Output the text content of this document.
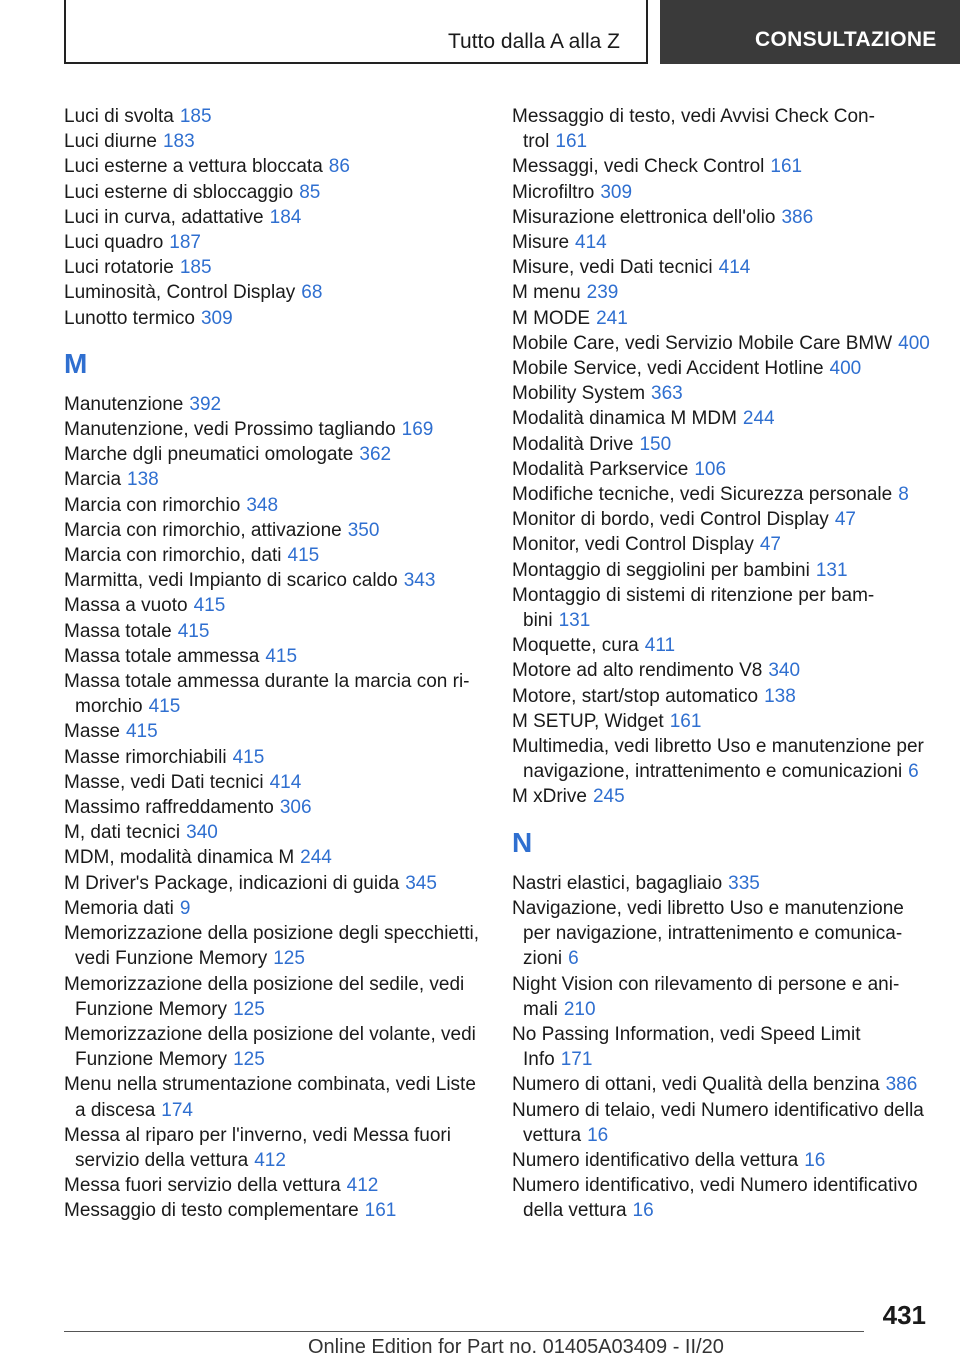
Tutto dalla A alla Z	CONSULTAZIONE
Luci di svolta 185
Luci diurne 183
Luci esterne a vettura bloccata 86
Luci esterne di sbloccaggio 85
Luci in curva, adattative 184
Luci quadro 187
Luci rotatorie 185
Luminosità, Control Display 68
Lunotto termico 309
M
Manutenzione 392
Manutenzione, vedi Prossimo tagliando 169
Marche dgli pneumatici omologate 362
Marcia 138
Marcia con rimorchio 348
Marcia con rimorchio, attivazione 350
Marcia con rimorchio, dati 415
Marmitta, vedi Impianto di scarico caldo 343
Massa a vuoto 415
Massa totale 415
Massa totale ammessa 415
Massa totale ammessa durante la marcia con rimorchio 415
Masse 415
Masse rimorchiabili 415
Masse, vedi Dati tecnici 414
Massimo raffreddamento 306
M, dati tecnici 340
MDM, modalità dinamica M 244
M Driver's Package, indicazioni di guida 345
Memoria dati 9
Memorizzazione della posizione degli specchietti, vedi Funzione Memory 125
Memorizzazione della posizione del sedile, vedi Funzione Memory 125
Memorizzazione della posizione del volante, vedi Funzione Memory 125
Menu nella strumentazione combinata, vedi Liste a discesa 174
Messa al riparo per l'inverno, vedi Messa fuori servizio della vettura 412
Messa fuori servizio della vettura 412
Messaggio di testo complementare 161
Messaggio di testo, vedi Avvisi Check Control 161
Messaggi, vedi Check Control 161
Microfiltro 309
Misurazione elettronica dell'olio 386
Misure 414
Misure, vedi Dati tecnici 414
M menu 239
M MODE 241
Mobile Care, vedi Servizio Mobile Care BMW 400
Mobile Service, vedi Accident Hotline 400
Mobility System 363
Modalità dinamica M MDM 244
Modalità Drive 150
Modalità Parkservice 106
Modifiche tecniche, vedi Sicurezza personale 8
Monitor di bordo, vedi Control Display 47
Monitor, vedi Control Display 47
Montaggio di seggiolini per bambini 131
Montaggio di sistemi di ritenzione per bambini 131
Moquette, cura 411
Motore ad alto rendimento V8 340
Motore, start/stop automatico 138
M SETUP, Widget 161
Multimedia, vedi libretto Uso e manutenzione per navigazione, intrattenimento e comunicazioni 6
M xDrive 245
N
Nastri elastici, bagagliaio 335
Navigazione, vedi libretto Uso e manutenzione per navigazione, intrattenimento e comunicazioni 6
Night Vision con rilevamento di persone e animali 210
No Passing Information, vedi Speed Limit Info 171
Numero di ottani, vedi Qualità della benzina 386
Numero di telaio, vedi Numero identificativo della vettura 16
Numero identificativo della vettura 16
Numero identificativo, vedi Numero identificativo della vettura 16
431
Online Edition for Part no. 01405A03409 - II/20
